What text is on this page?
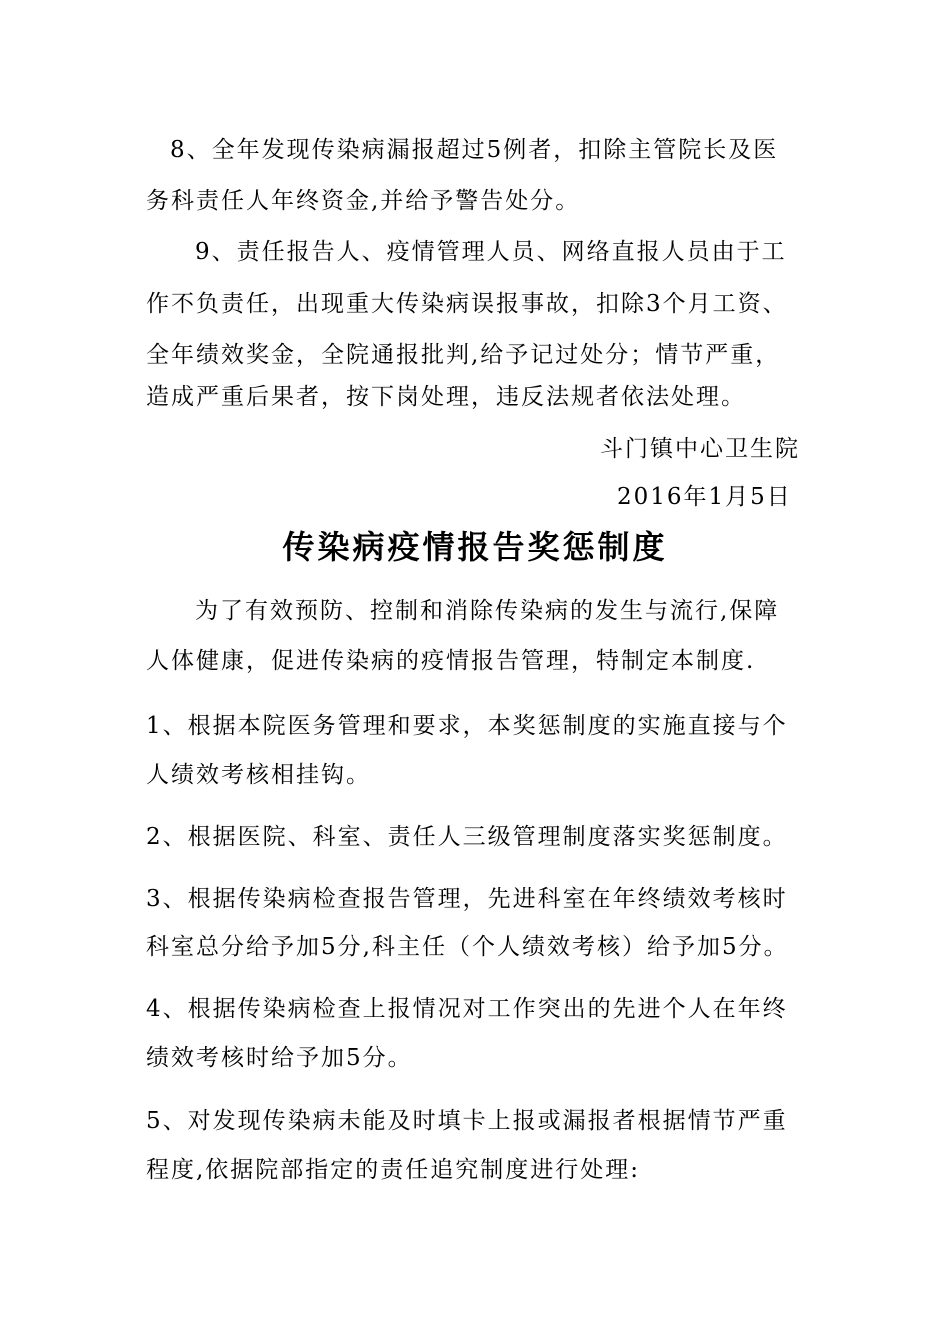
8、全年发现传染病漏报超过5例者，扣除主管院长及医
务科责任人年终资金,并给予警告处分。
9、责任报告人、疫情管理人员、网络直报人员由于工
作不负责任，出现重大传染病误报事故，扣除3个月工资、
全年绩效奖金，全院通报批判,给予记过处分；情节严重，
造成严重后果者，按下岗处理，违反法规者依法处理。
斗门镇中心卫生院
2016年1月5日
传染病疫情报告奖惩制度
为了有效预防、控制和消除传染病的发生与流行,保障
人体健康，促进传染病的疫情报告管理，特制定本制度.
1、根据本院医务管理和要求，本奖惩制度的实施直接与个
人绩效考核相挂钩。
2、根据医院、科室、责任人三级管理制度落实奖惩制度。
3、根据传染病检查报告管理，先进科室在年终绩效考核时
科室总分给予加5分,科主任（个人绩效考核）给予加5分。
4、根据传染病检查上报情况对工作突出的先进个人在年终
绩效考核时给予加5分。
5、对发现传染病未能及时填卡上报或漏报者根据情节严重
程度,依据院部指定的责任追究制度进行处理:
